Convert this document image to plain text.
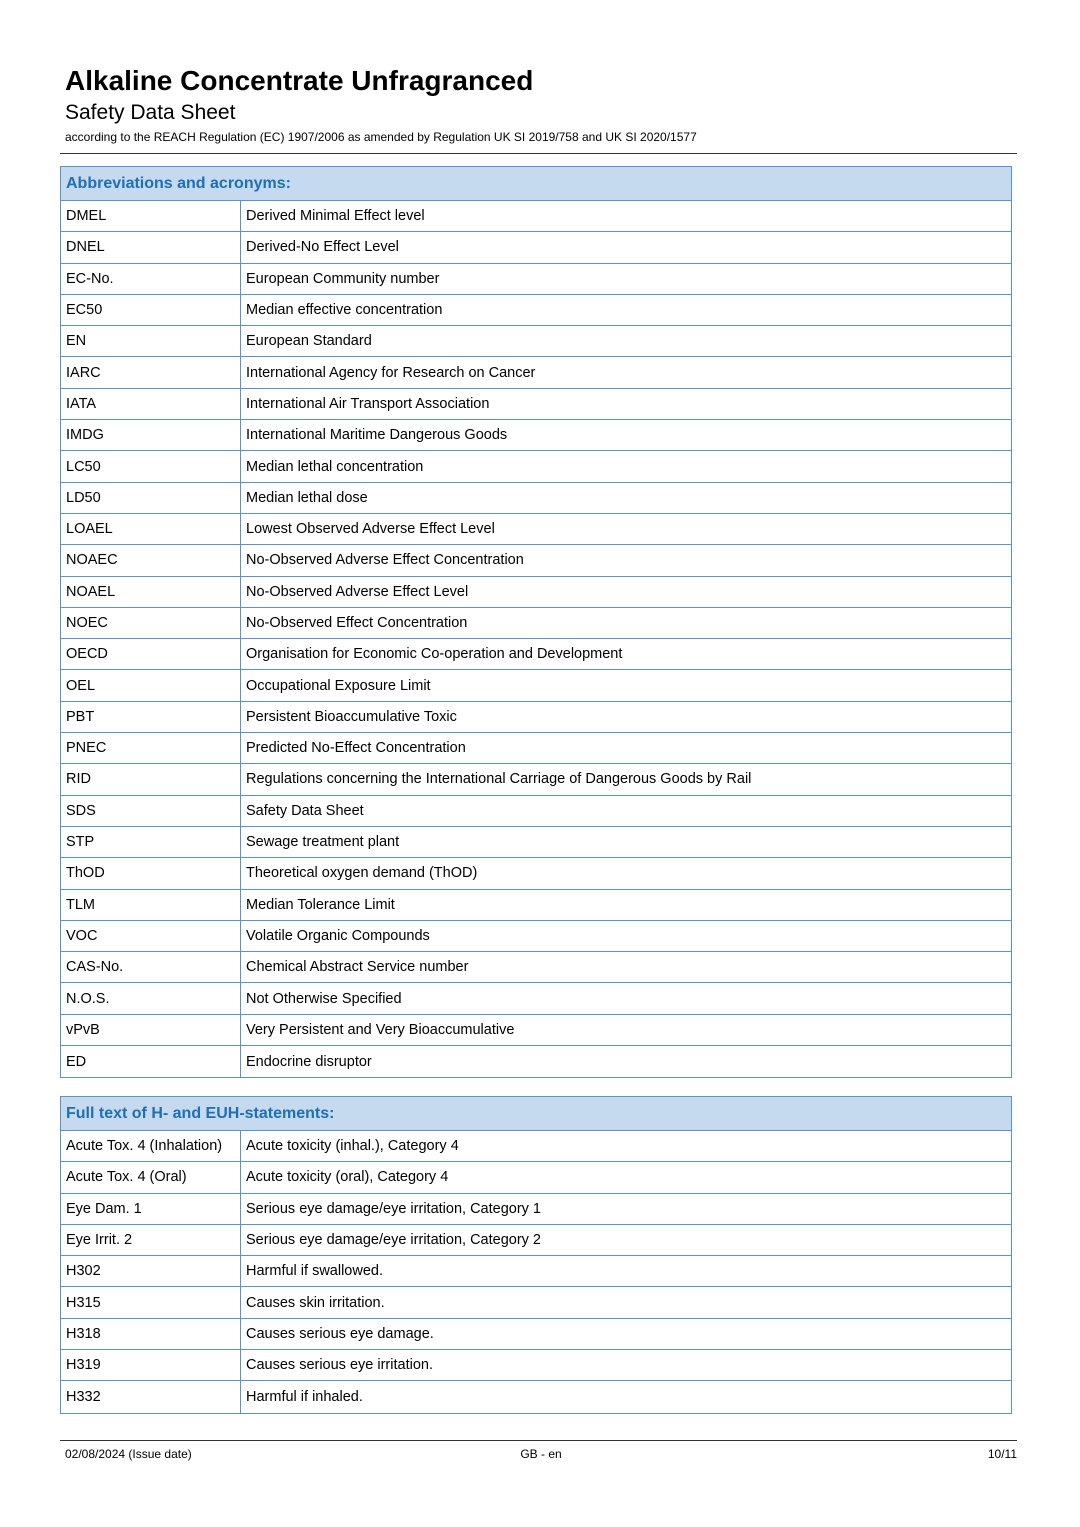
Alkaline Concentrate Unfragranced
Safety Data Sheet
according to the REACH Regulation (EC) 1907/2006 as amended by Regulation UK SI 2019/758 and UK SI 2020/1577
Abbreviations and acronyms:
DMEL	Derived Minimal Effect level
DNEL	Derived-No Effect Level
EC-No.	European Community number
EC50	Median effective concentration
EN	European Standard
IARC	International Agency for Research on Cancer
IATA	International Air Transport Association
IMDG	International Maritime Dangerous Goods
LC50	Median lethal concentration
LD50	Median lethal dose
LOAEL	Lowest Observed Adverse Effect Level
NOAEC	No-Observed Adverse Effect Concentration
NOAEL	No-Observed Adverse Effect Level
NOEC	No-Observed Effect Concentration
OECD	Organisation for Economic Co-operation and Development
OEL	Occupational Exposure Limit
PBT	Persistent Bioaccumulative Toxic
PNEC	Predicted No-Effect Concentration
RID	Regulations concerning the International Carriage of Dangerous Goods by Rail
SDS	Safety Data Sheet
STP	Sewage treatment plant
ThOD	Theoretical oxygen demand (ThOD)
TLM	Median Tolerance Limit
VOC	Volatile Organic Compounds
CAS-No.	Chemical Abstract Service number
N.O.S.	Not Otherwise Specified
vPvB	Very Persistent and Very Bioaccumulative
ED	Endocrine disruptor
Full text of H- and EUH-statements:
Acute Tox. 4 (Inhalation)	Acute toxicity (inhal.), Category 4
Acute Tox. 4 (Oral)	Acute toxicity (oral), Category 4
Eye Dam. 1	Serious eye damage/eye irritation, Category 1
Eye Irrit. 2	Serious eye damage/eye irritation, Category 2
H302	Harmful if swallowed.
H315	Causes skin irritation.
H318	Causes serious eye damage.
H319	Causes serious eye irritation.
H332	Harmful if inhaled.
02/08/2024 (Issue date)	GB - en	10/11
